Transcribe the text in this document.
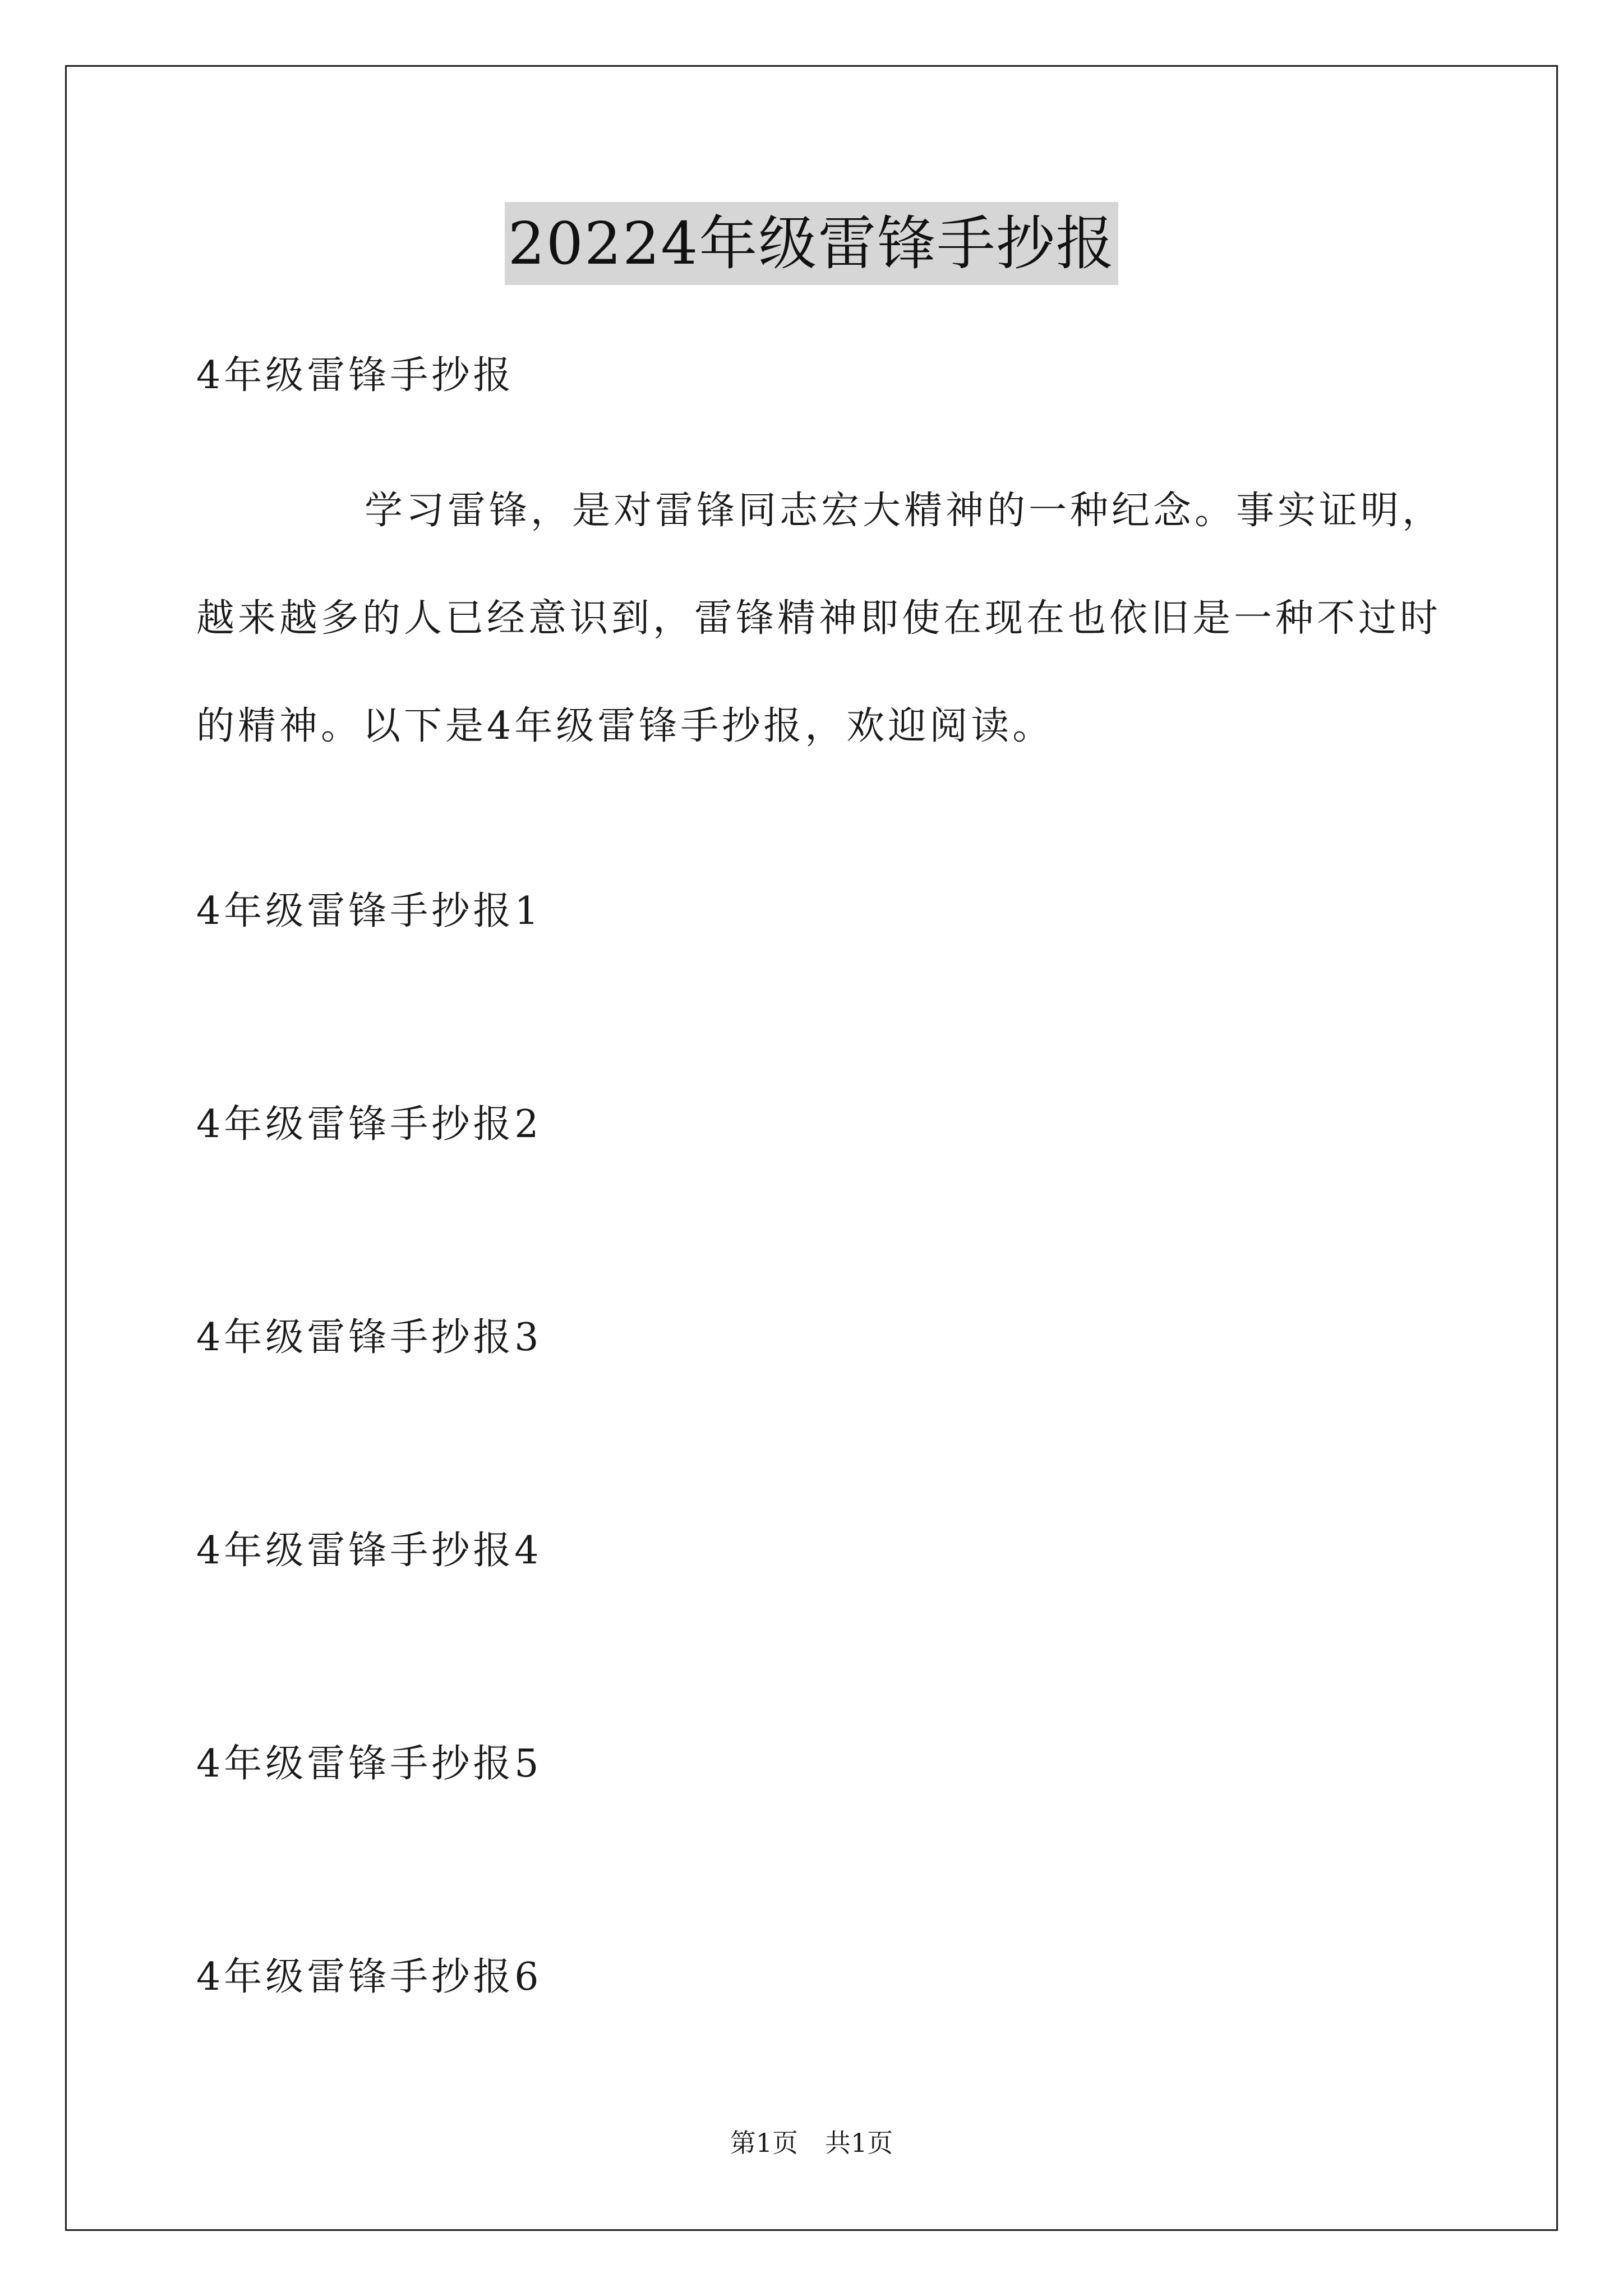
20224年级雷锋手抄报
4年级雷锋手抄报

学习雷锋，是对雷锋同志宏大精神的一种纪念。事实证明，越来越多的人已经意识到，雷锋精神即使在现在也依旧是一种不过时的精神。以下是4年级雷锋手抄报，欢迎阅读。

4年级雷锋手抄报1
4年级雷锋手抄报2
4年级雷锋手抄报3
4年级雷锋手抄报4
4年级雷锋手抄报5
4年级雷锋手抄报6
第1页 共1页
